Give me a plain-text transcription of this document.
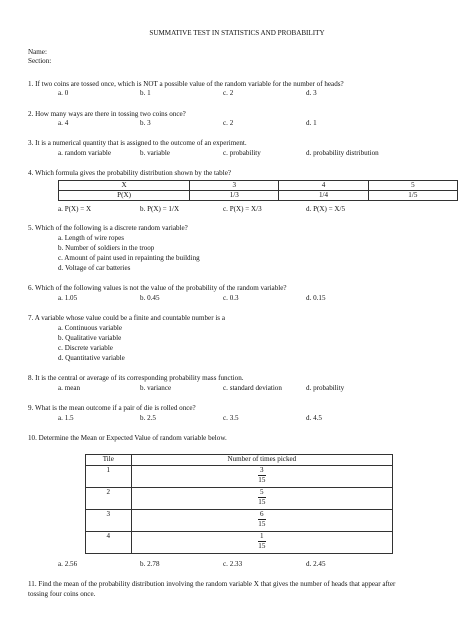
SUMMATIVE TEST IN STATISTICS AND PROBABILITY
Name:
Section:
1. If two coins are tossed once, which is NOT a possible value of the random variable for the number of heads?
a. 0	b. 1	c. 2	d. 3
2. How many ways are there in tossing two coins once?
a. 4	b. 3	c. 2	d. 1
3. It is a numerical quantity that is assigned to the outcome of an experiment.
a. random variable	b. variable	c. probability	d. probability distribution
4. Which formula gives the probability distribution shown by the table?
X	3	4	5
P(X)	1/3	1/4	1/5
a. P(X) = X	b. P(X) = 1/X	c. P(X) = X/3	d. P(X) = X/5
5. Which of the following is a discrete random variable?
a. Length of wire ropes
b. Number of soldiers in the troop
c. Amount of paint used in repainting the building
d. Voltage of car batteries
6. Which of the following values is not the value of the probability of the random variable?
a. 1.05	b. 0.45	c. 0.3	d. 0.15
7. A variable whose value could be a finite and countable number is a
a. Continuous variable
b. Qualitative variable
c. Discrete variable
d. Quantitative variable
8. It is the central or average of its corresponding probability mass function.
a. mean	b. variance	c. standard deviation	d. probability
9. What is the mean outcome if a pair of die is rolled once?
a. 1.5	b. 2.5	c. 3.5	d. 4.5
10. Determine the Mean or Expected Value of random variable below.
Tile	Number of times picked
1	$\frac{3}{15}$

2	$\frac{5}{15}$

3	$\frac{6}{15}$

4	$\frac{1}{15}$
a. 2.56	b. 2.78	c. 2.33	d. 2.45
11. Find the mean of the probability distribution involving the random variable X that gives the number of heads that appear after
tossing four coins once.
